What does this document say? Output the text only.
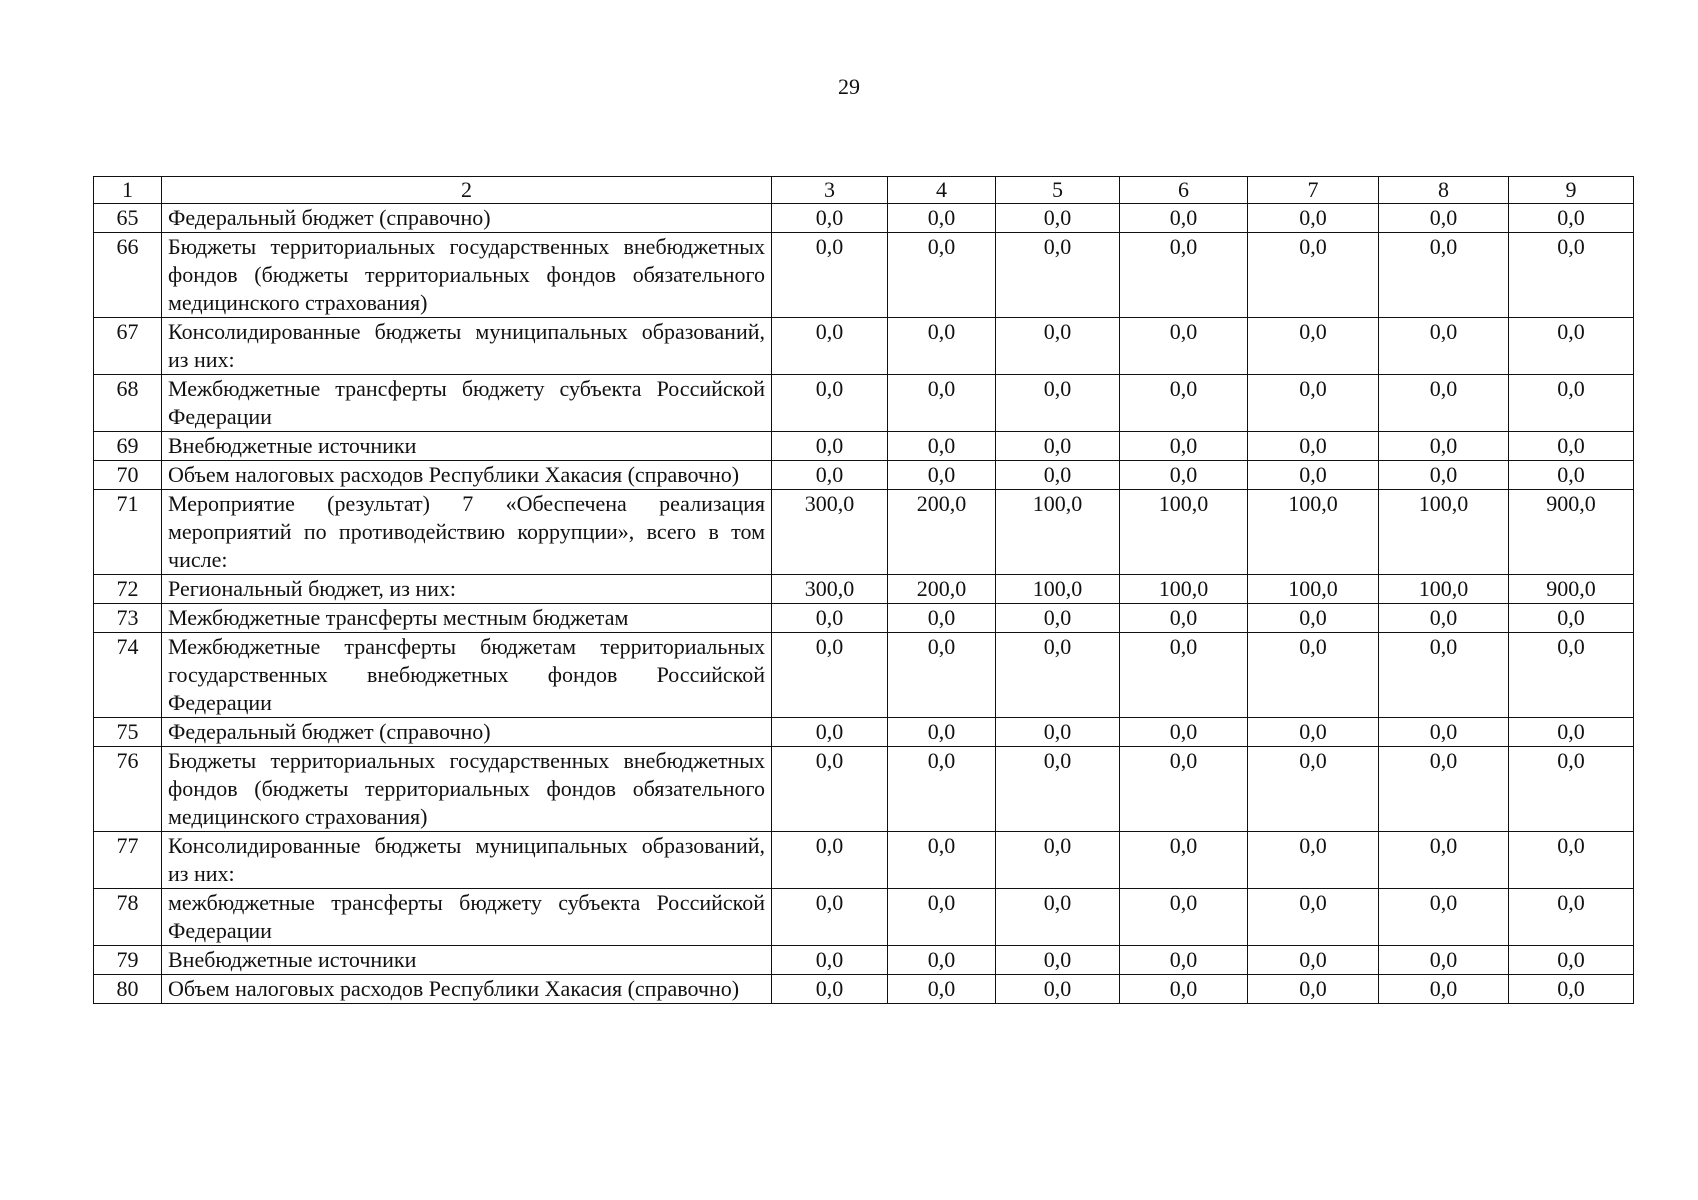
29
1	2	3	4	5	6	7	8	9
65	Федеральный бюджет (справочно)	0,0	0,0	0,0	0,0	0,0	0,0	0,0
66	Бюджеты территориальных государственных внебюджетных фондов (бюджеты территориальных фондов обязательного медицинского страхования)	0,0	0,0	0,0	0,0	0,0	0,0	0,0
67	Консолидированные бюджеты муниципальных образований, из них:	0,0	0,0	0,0	0,0	0,0	0,0	0,0
68	Межбюджетные трансферты бюджету субъекта Российской Федерации	0,0	0,0	0,0	0,0	0,0	0,0	0,0
69	Внебюджетные источники	0,0	0,0	0,0	0,0	0,0	0,0	0,0
70	Объем налоговых расходов Республики Хакасия (справочно)	0,0	0,0	0,0	0,0	0,0	0,0	0,0
71	Мероприятие (результат) 7 «Обеспечена реализация мероприятий по противодействию коррупции», всего в том числе:	300,0	200,0	100,0	100,0	100,0	100,0	900,0
72	Региональный бюджет, из них:	300,0	200,0	100,0	100,0	100,0	100,0	900,0
73	Межбюджетные трансферты местным бюджетам	0,0	0,0	0,0	0,0	0,0	0,0	0,0
74	Межбюджетные трансферты бюджетам территориальных государственных внебюджетных фондов Российской Федерации	0,0	0,0	0,0	0,0	0,0	0,0	0,0
75	Федеральный бюджет (справочно)	0,0	0,0	0,0	0,0	0,0	0,0	0,0
76	Бюджеты территориальных государственных внебюджетных фондов (бюджеты территориальных фондов обязательного медицинского страхования)	0,0	0,0	0,0	0,0	0,0	0,0	0,0
77	Консолидированные бюджеты муниципальных образований, из них:	0,0	0,0	0,0	0,0	0,0	0,0	0,0
78	межбюджетные трансферты бюджету субъекта Российской Федерации	0,0	0,0	0,0	0,0	0,0	0,0	0,0
79	Внебюджетные источники	0,0	0,0	0,0	0,0	0,0	0,0	0,0
80	Объем налоговых расходов Республики Хакасия (справочно)	0,0	0,0	0,0	0,0	0,0	0,0	0,0
